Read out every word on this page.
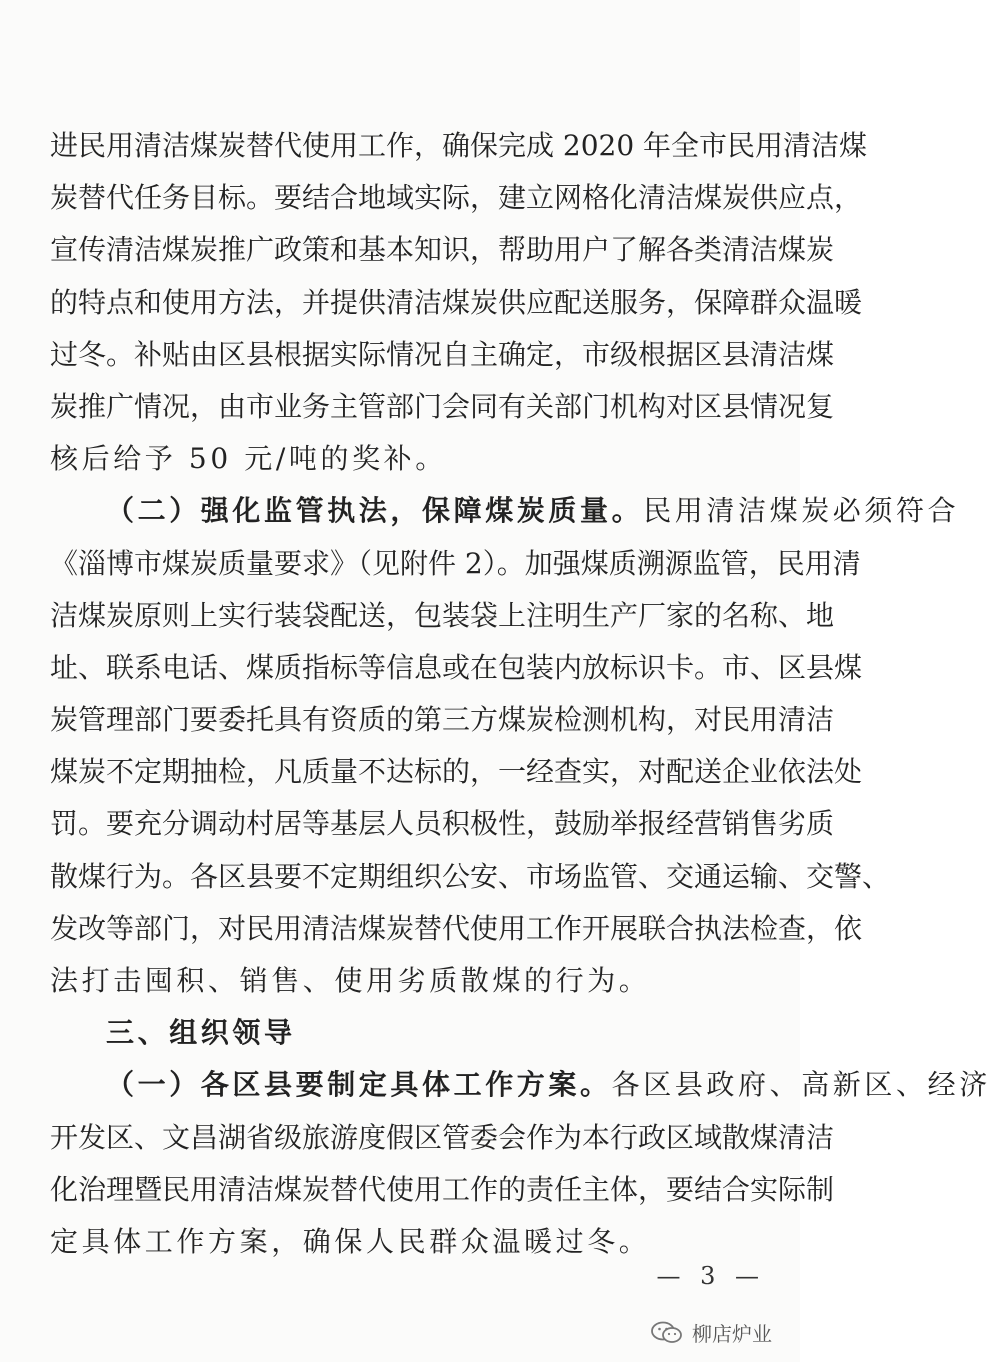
进民用清洁煤炭替代使用工作，确保完成 2020 年全市民用清洁煤
炭替代任务目标。要结合地域实际，建立网格化清洁煤炭供应点，
宣传清洁煤炭推广政策和基本知识，帮助用户了解各类清洁煤炭
的特点和使用方法，并提供清洁煤炭供应配送服务，保障群众温暖
过冬。补贴由区县根据实际情况自主确定，市级根据区县清洁煤
炭推广情况，由市业务主管部门会同有关部门机构对区县情况复
核后给予 50 元/吨的奖补。
（二）强化监管执法，保障煤炭质量。民用清洁煤炭必须符合
《淄博市煤炭质量要求》（见附件 2）。加强煤质溯源监管，民用清
洁煤炭原则上实行装袋配送，包装袋上注明生产厂家的名称、地
址、联系电话、煤质指标等信息或在包装内放标识卡。市、区县煤
炭管理部门要委托具有资质的第三方煤炭检测机构，对民用清洁
煤炭不定期抽检，凡质量不达标的，一经查实，对配送企业依法处
罚。要充分调动村居等基层人员积极性，鼓励举报经营销售劣质
散煤行为。各区县要不定期组织公安、市场监管、交通运输、交警、
发改等部门，对民用清洁煤炭替代使用工作开展联合执法检查，依
法打击囤积、销售、使用劣质散煤的行为。
三、组织领导
（一）各区县要制定具体工作方案。各区县政府、高新区、经济
开发区、文昌湖省级旅游度假区管委会作为本行政区域散煤清洁
化治理暨民用清洁煤炭替代使用工作的责任主体，要结合实际制
定具体工作方案，确保人民群众温暖过冬。
— 3 —
柳店炉业
